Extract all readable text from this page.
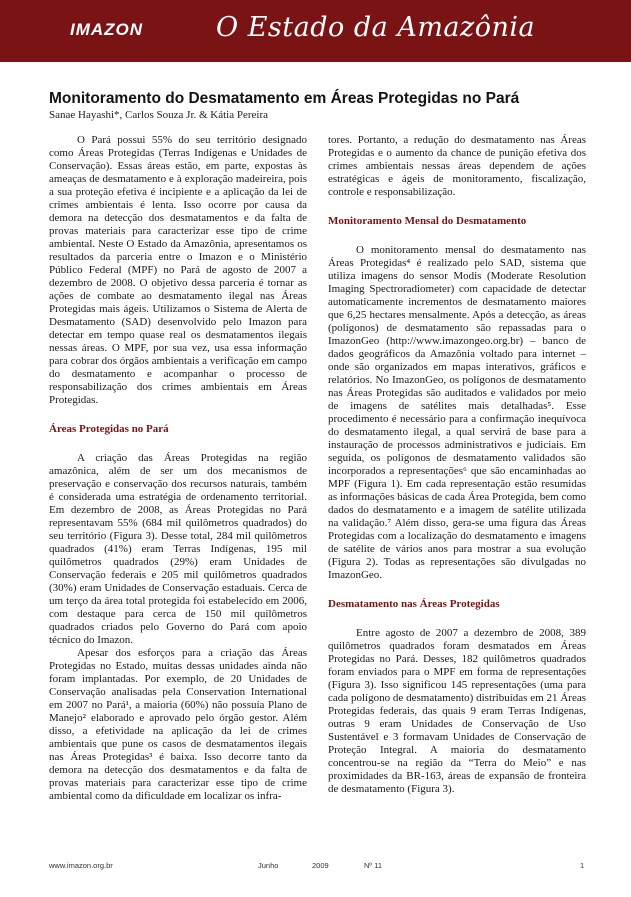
IMAZON	O Estado da Amazônia
Monitoramento do Desmatamento em Áreas Protegidas no Pará

Sanae Hayashi*, Carlos Souza Jr. & Kátia Pereira

O Pará possui 55% do seu território designado como Áreas Protegidas (Terras Indígenas e Unidades de Conservação). Essas áreas estão, em parte, expostas às ameaças de desmatamento e à exploração madeireira, pois a sua proteção efetiva é incipiente e a aplicação da lei de crimes ambientais é lenta. Isso ocorre por causa da demora na detecção dos desmatamentos e da falta de provas materiais para caracterizar esse tipo de crime ambiental. Neste O Estado da Amazônia, apresentamos os resultados da parceria entre o Imazon e o Ministério Público Federal (MPF) no Pará de agosto de 2007 a dezembro de 2008. O objetivo dessa parceria é tornar as ações de combate ao desmatamento ilegal nas Áreas Protegidas mais ágeis. Utilizamos o Sistema de Alerta de Desmatamento (SAD) desenvolvido pelo Imazon para detectar em tempo quase real os desmatamentos ilegais nessas áreas. O MPF, por sua vez, usa essa informação para cobrar dos órgãos ambientais a verificação em campo do desmatamento e acompanhar o processo de responsabilização dos crimes ambientais em Áreas Protegidas.

Áreas Protegidas no Pará

A criação das Áreas Protegidas na região amazônica, além de ser um dos mecanismos de preservação e conservação dos recursos naturais, também é considerada uma estratégia de ordenamento territorial. Em dezembro de 2008, as Áreas Protegidas no Pará representavam 55% (684 mil quilômetros quadrados) do seu território (Figura 3). Desse total, 284 mil quilômetros quadrados (41%) eram Terras Indígenas, 195 mil quilômetros quadrados (29%) eram Unidades de Conservação federais e 205 mil quilômetros quadrados (30%) eram Unidades de Conservação estaduais. Cerca de um terço da área total protegida foi estabelecido em 2006, com destaque para cerca de 150 mil quilômetros quadrados criados pelo Governo do Pará com apoio técnico do Imazon.

Apesar dos esforços para a criação das Áreas Protegidas no Estado, muitas dessas unidades ainda não foram implantadas. Por exemplo, de 20 Unidades de Conservação analisadas pela Conservation International em 2007 no Pará¹, a maioria (60%) não possuía Plano de Manejo² elaborado e aprovado pelo órgão gestor. Além disso, a efetividade na aplicação da lei de crimes ambientais que pune os casos de desmatamentos ilegais nas Áreas Protegidas³ é baixa. Isso decorre tanto da demora na detecção dos desmatamentos e da falta de provas materiais para caracterizar esse tipo de crime ambiental como da dificuldade em localizar os infra-

tores. Portanto, a redução do desmatamento nas Áreas Protegidas e o aumento da chance de punição efetiva dos crimes ambientais nessas áreas dependem de ações estratégicas e ágeis de monitoramento, fiscalização, controle e responsabilização.

Monitoramento Mensal do Desmatamento

O monitoramento mensal do desmatamento nas Áreas Protegidas⁴ é realizado pelo SAD, sistema que utiliza imagens do sensor Modis (Moderate Resolution Imaging Spectroradiometer) com capacidade de detectar automaticamente incrementos de desmatamento maiores que 6,25 hectares mensalmente. Após a detecção, as áreas (polígonos) de desmatamento são repassadas para o ImazonGeo (http://www.imazongeo.org.br) – banco de dados geográficos da Amazônia voltado para internet – onde são organizados em mapas interativos, gráficos e relatórios. No ImazonGeo, os polígonos de desmatamento nas Áreas Protegidas são auditados e validados por meio de imagens de satélites mais detalhadas⁵. Esse procedimento é necessário para a confirmação inequívoca do desmatamento ilegal, a qual servirá de base para a instauração de processos administrativos e judiciais. Em seguida, os polígonos de desmatamento validados são incorporados a representações⁶ que são encaminhadas ao MPF (Figura 1). Em cada representação estão resumidas as informações básicas de cada Área Protegida, bem como dados do desmatamento e a imagem de satélite utilizada na validação.⁷ Além disso, gera-se uma figura das Áreas Protegidas com a localização do desmatamento e imagens de satélite de vários anos para mostrar a sua evolução (Figura 2). Todas as representações são divulgadas no ImazonGeo.

Desmatamento nas Áreas Protegidas

Entre agosto de 2007 a dezembro de 2008, 389 quilômetros quadrados foram desmatados em Áreas Protegidas no Pará. Desses, 182 quilômetros quadrados foram enviados para o MPF em forma de representações (Figura 3). Isso significou 145 representações (uma para cada polígono de desmatamento) distribuídas em 21 Áreas Protegidas federais, das quais 9 eram Terras Indígenas, outras 9 eram Unidades de Conservação de Uso Sustentável e 3 formavam Unidades de Conservação de Proteção Integral. A maioria do desmatamento concentrou-se na região da “Terra do Meio” e nas proximidades da BR-163, áreas de expansão de fronteira de desmatamento (Figura 3).

www.imazon.org.br	Junho	2009	Nº 11	1
